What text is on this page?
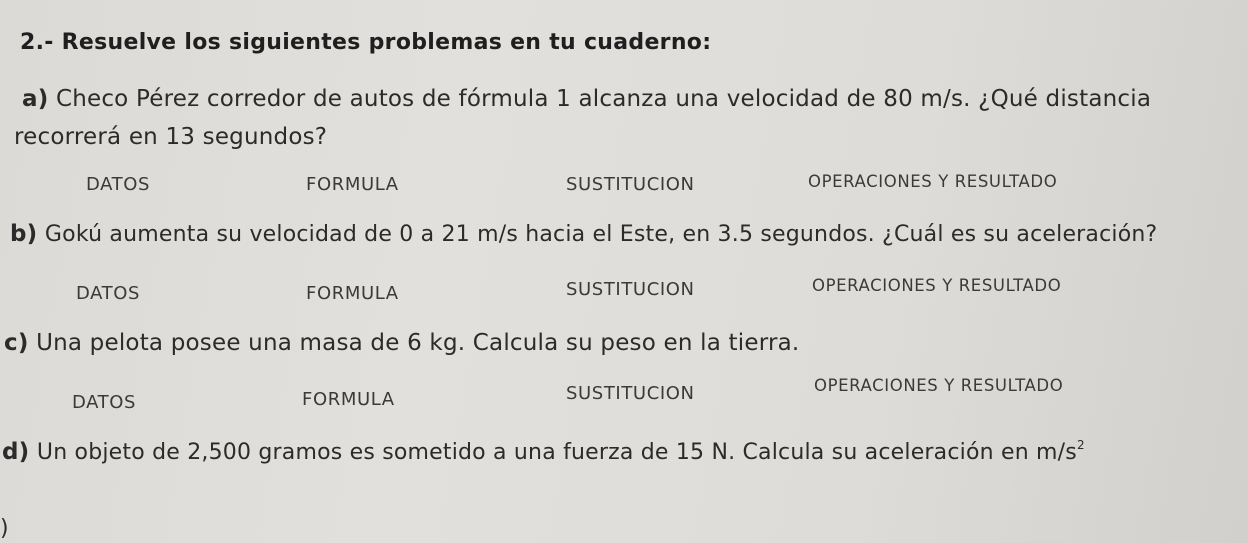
2.- Resuelve los siguientes problemas en tu cuaderno:
a) Checo Pérez corredor de autos de fórmula 1 alcanza una velocidad de 80 m/s. ¿Qué distancia
recorrerá en 13 segundos?
DATOS	FORMULA	SUSTITUCION	OPERACIONES Y RESULTADO
b) Gokú aumenta su velocidad de 0 a 21 m/s hacia el Este, en 3.5 segundos. ¿Cuál es su aceleración?
DATOS	FORMULA	SUSTITUCION	OPERACIONES Y RESULTADO
c) Una pelota posee una masa de 6 kg. Calcula su peso en la tierra.
DATOS	FORMULA	SUSTITUCION	OPERACIONES Y RESULTADO
d) Un objeto de 2,500 gramos es sometido a una fuerza de 15 N. Calcula su aceleración en $m/s^2$
)
